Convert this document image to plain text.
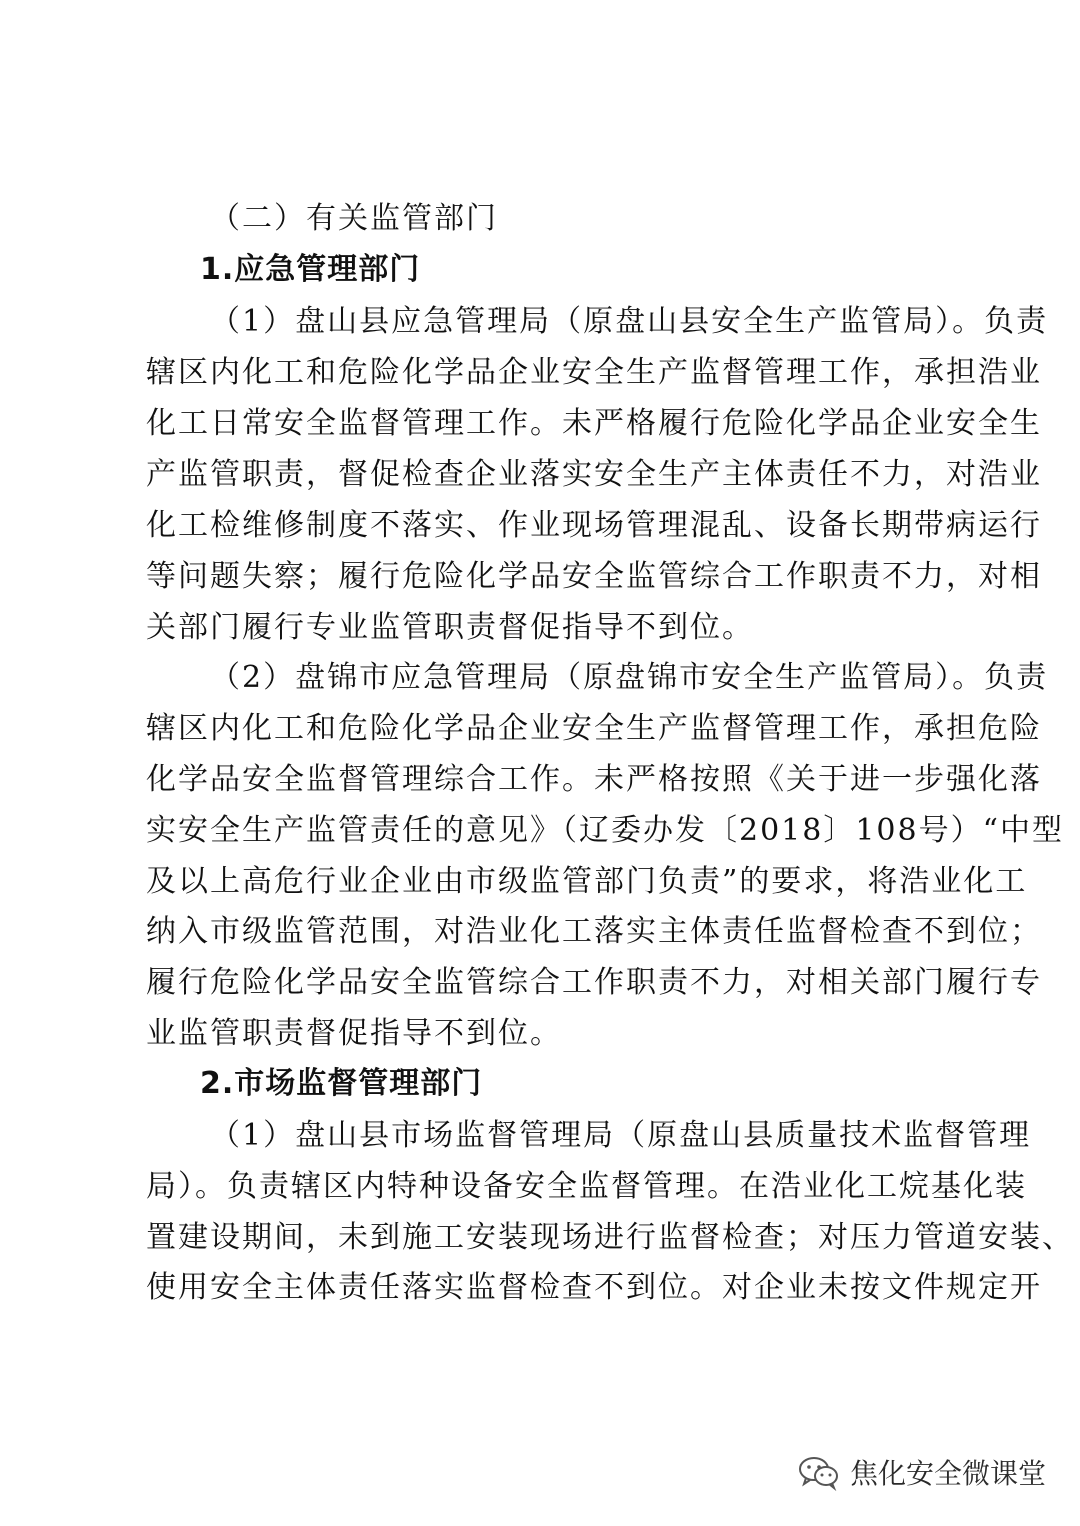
（二）有关监管部门
1.应急管理部门
（1）盘山县应急管理局（原盘山县安全生产监管局）。负责
辖区内化工和危险化学品企业安全生产监督管理工作，承担浩业
化工日常安全监督管理工作。未严格履行危险化学品企业安全生
产监管职责，督促检查企业落实安全生产主体责任不力，对浩业
化工检维修制度不落实、作业现场管理混乱、设备长期带病运行
等问题失察；履行危险化学品安全监管综合工作职责不力，对相
关部门履行专业监管职责督促指导不到位。
（2）盘锦市应急管理局（原盘锦市安全生产监管局）。负责
辖区内化工和危险化学品企业安全生产监督管理工作，承担危险
化学品安全监督管理综合工作。未严格按照《关于进一步强化落
实安全生产监管责任的意见》（辽委办发〔2018〕108号）“中型
及以上高危行业企业由市级监管部门负责”的要求，将浩业化工
纳入市级监管范围，对浩业化工落实主体责任监督检查不到位；
履行危险化学品安全监管综合工作职责不力，对相关部门履行专
业监管职责督促指导不到位。
2.市场监督管理部门
（1）盘山县市场监督管理局（原盘山县质量技术监督管理
局）。负责辖区内特种设备安全监督管理。在浩业化工烷基化装
置建设期间，未到施工安装现场进行监督检查；对压力管道安装、
使用安全主体责任落实监督检查不到位。对企业未按文件规定开
焦化安全微课堂
